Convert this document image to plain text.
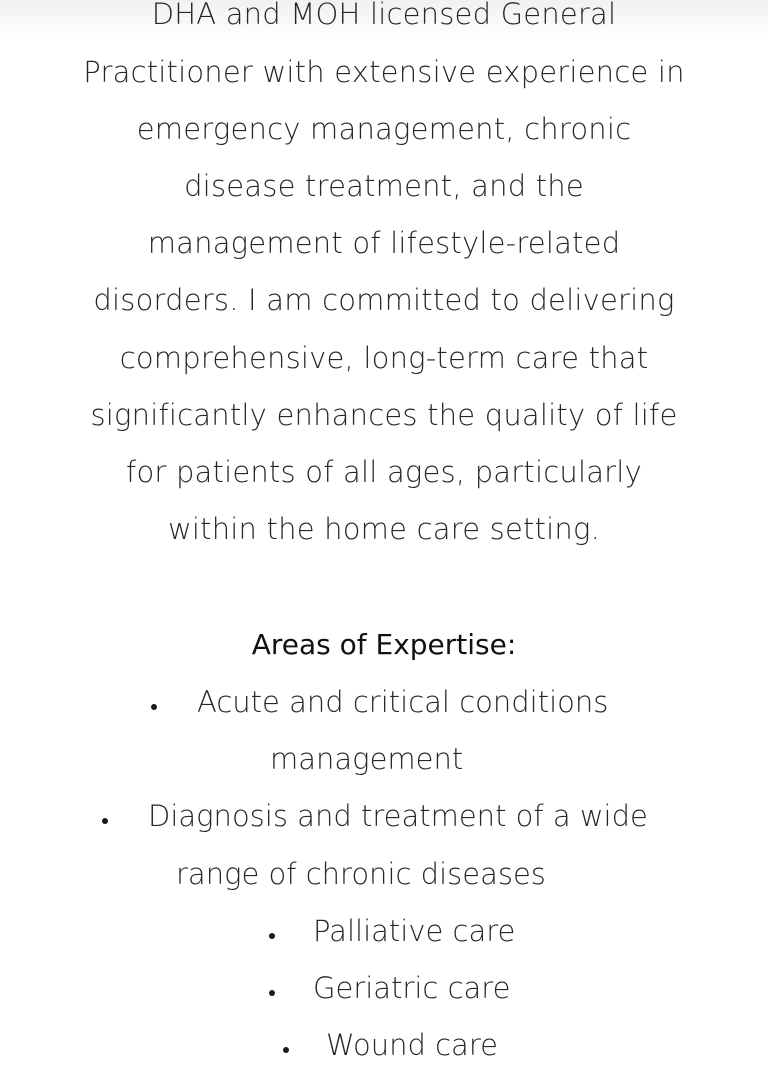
DHA and MOH licensed General
Practitioner with extensive experience in
emergency management, chronic
disease treatment, and the
management of lifestyle-related
disorders. I am committed to delivering
comprehensive, long-term care that
significantly enhances the quality of life
for patients of all ages, particularly
within the home care setting.
Areas of Expertise:
Acute and critical conditions
management
Diagnosis and treatment of a wide
range of chronic diseases
Palliative care
Geriatric care
Wound care
